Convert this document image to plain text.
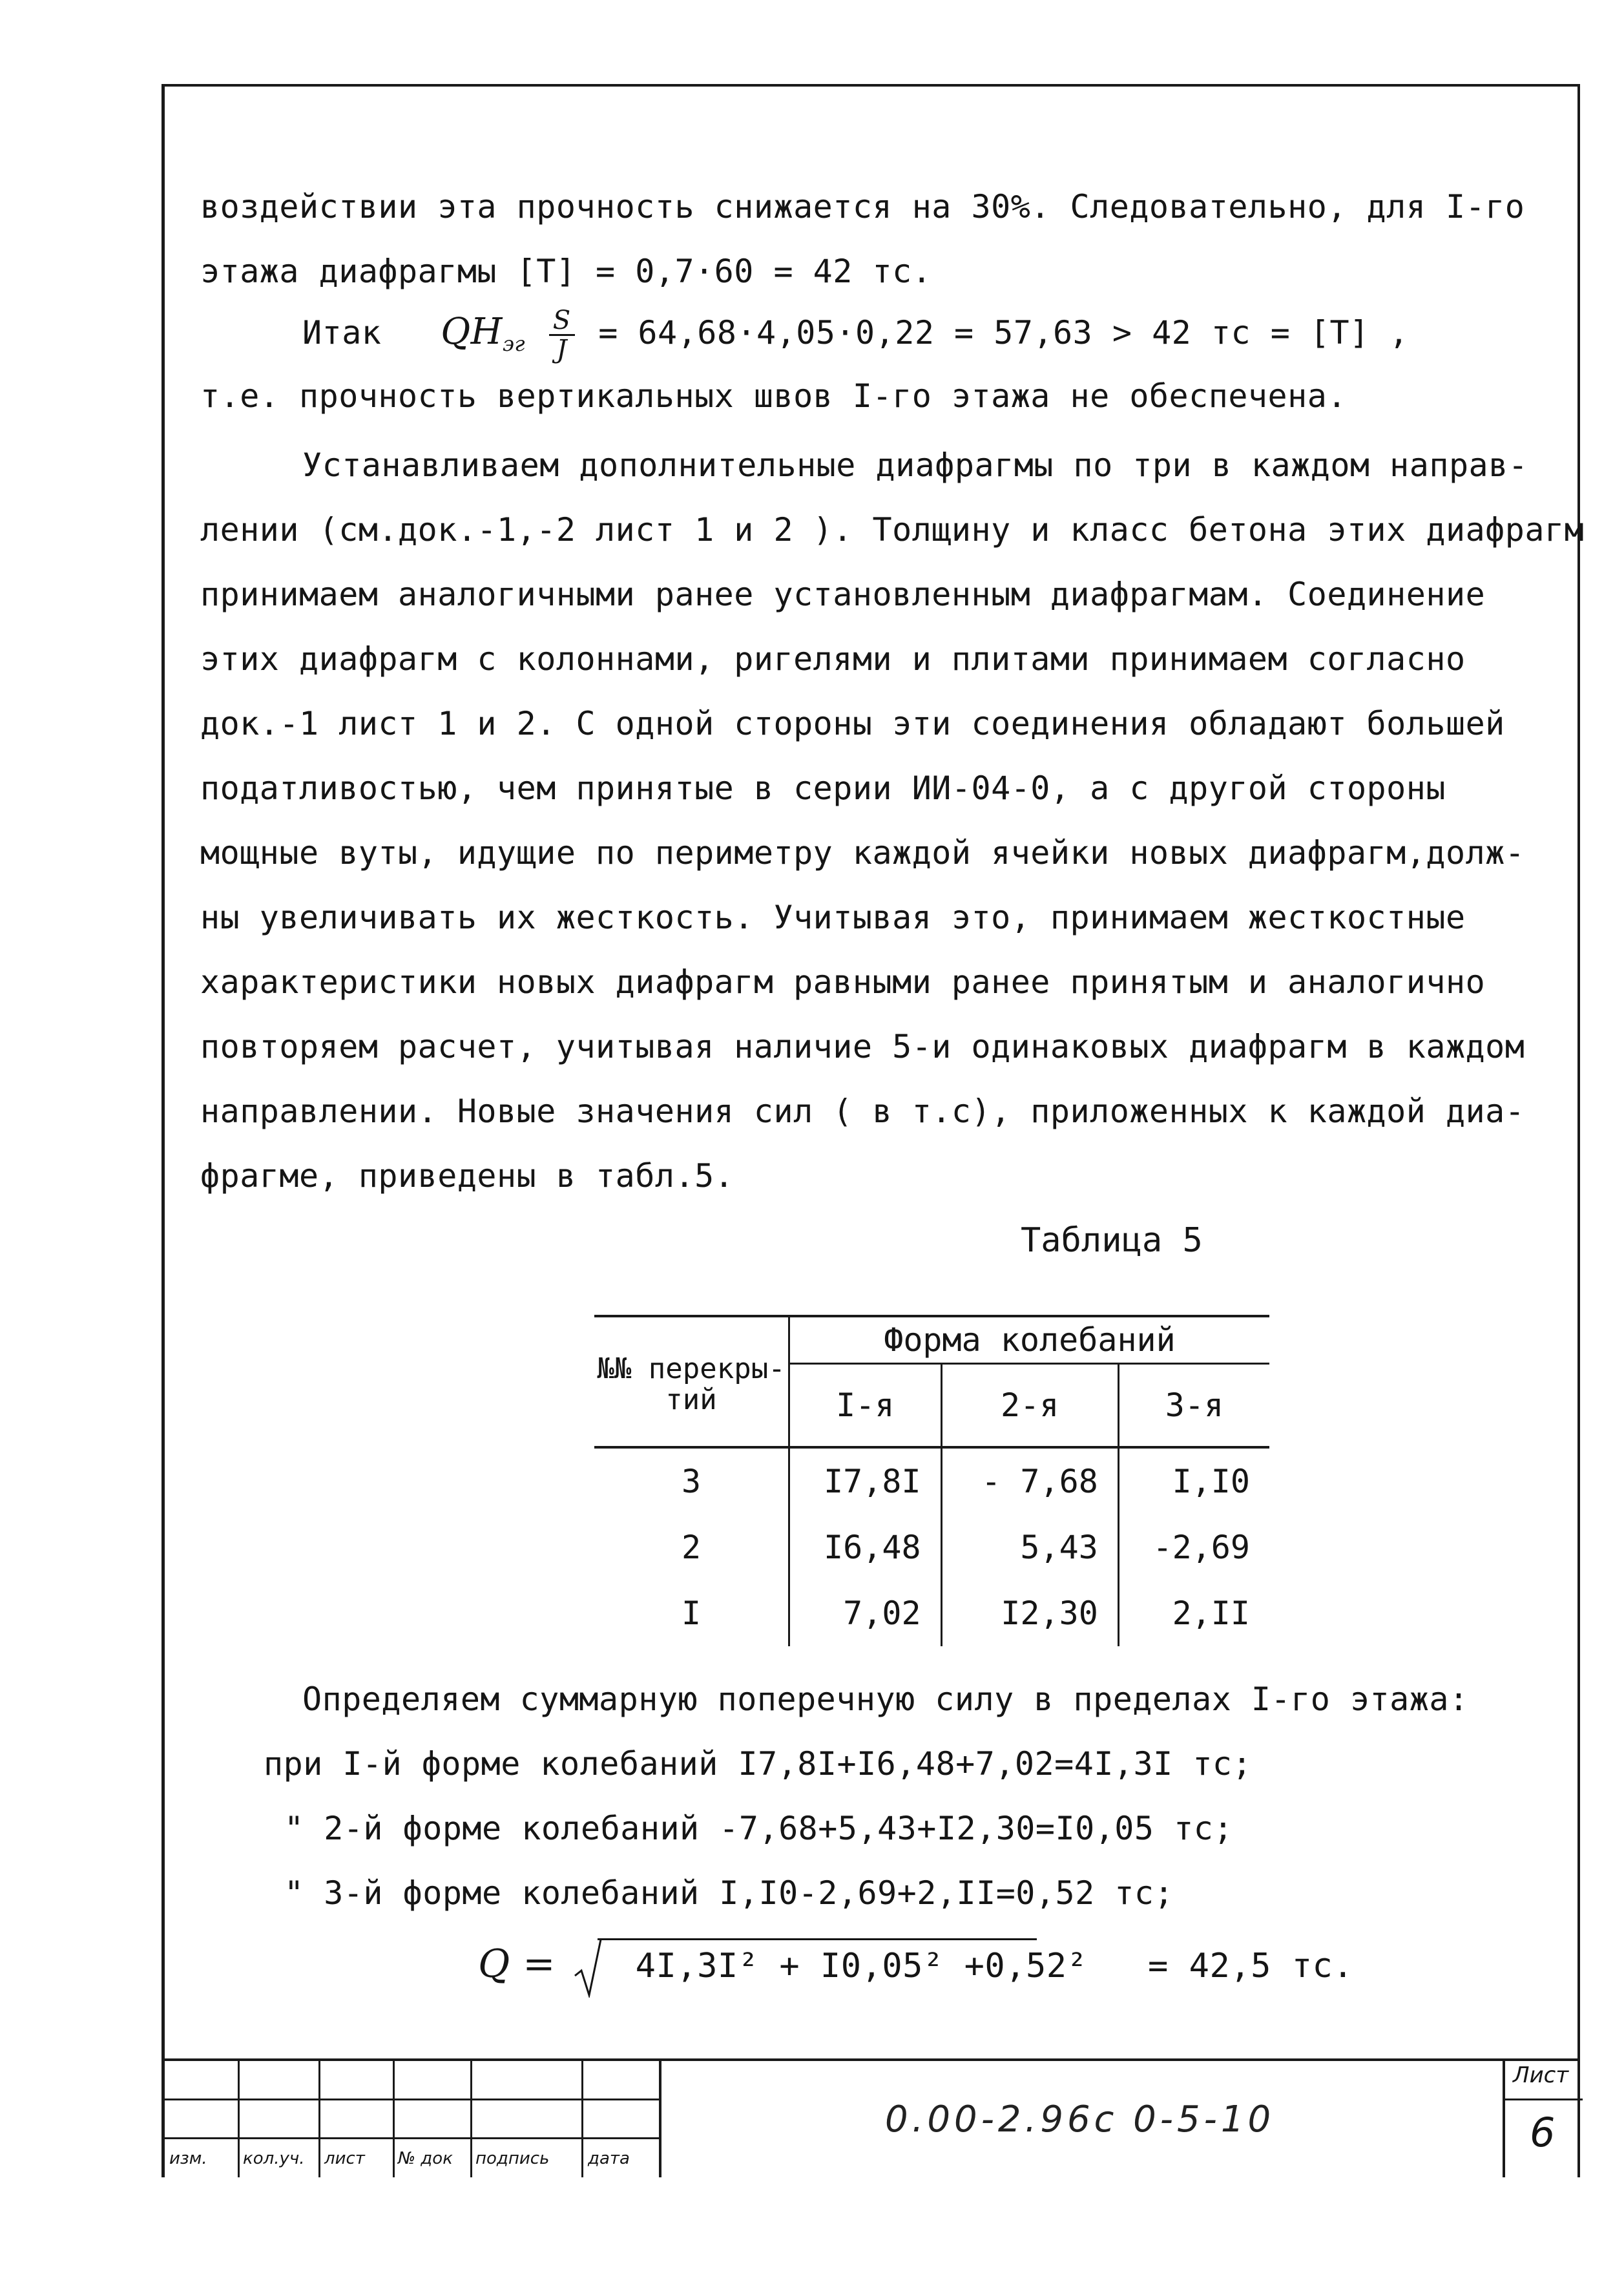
воздействии эта прочность снижается на 30%. Следовательно, для I-го
этажа диафрагмы [T] = 0,7·60 = 42 тс.
Итак $QH_{эг} \frac{S}{J} = 64,68\cdot 4,05\cdot 0,22 = 57,63 > 42$ тс = [T] ,
т.е. прочность вертикальных швов I-го этажа не обеспечена.
Устанавливаем дополнительные диафрагмы по три в каждом направ-
лении (см.док.-1,-2 лист 1 и 2 ). Толщину и класс бетона этих диафрагм
принимаем аналогичными ранее установленным диафрагмам. Соединение
этих диафрагм с колоннами, ригелями и плитами принимаем согласно
док.-1 лист 1 и 2. С одной стороны эти соединения обладают большей
податливостью, чем принятые в серии ИИ-04-0, а с другой стороны
мощные вуты, идущие по периметру каждой ячейки новых диафрагм,долж-
ны увеличивать их жесткость. Учитывая это, принимаем жесткостные
характеристики новых диафрагм равными ранее принятым и аналогично
повторяем расчет, учитывая наличие 5-и одинаковых диафрагм в каждом
направлении. Новые значения сил ( в т.с), приложенных к каждой диа-
фрагме, приведены в табл.5.
Таблица 5
№№ перекры- тий	Форма колебаний		
	I-я	2-я	3-я
3	I7,8I	- 7,68	I,I0
2	I6,48	5,43	-2,69
I	7,02	I2,30	2,II
Определяем суммарную поперечную силу в пределах I-го этажа:
при I-й форме колебаний I7,8I+I6,48+7,02=4I,3I тс;
" 2-й форме колебаний -7,68+5,43+I2,30=I0,05 тс;
" 3-й форме колебаний I,I0-2,69+2,II=0,52 тс;
Q = 4I,3I² + I0,05² +0,52² = 42,5 тс.
изм. кол.уч. лист № док подпись дата
0.00-2.96с 0-5-10
Лист
6
